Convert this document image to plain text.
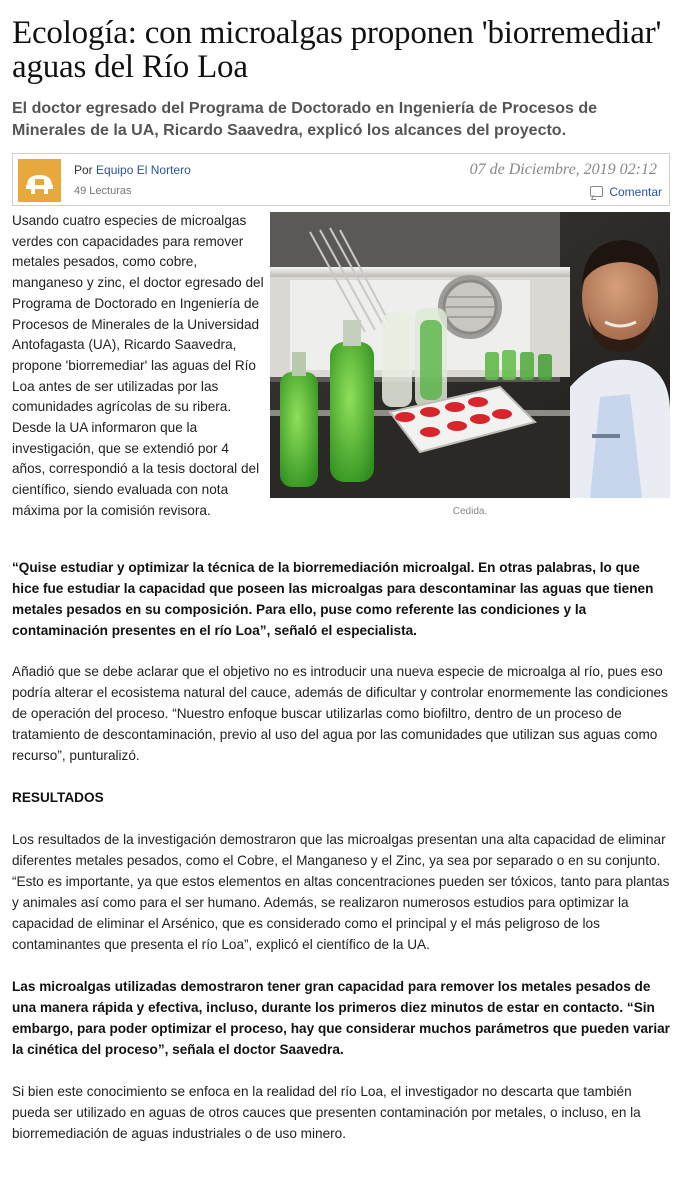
Ecología: con microalgas proponen 'biorremediar' aguas del Río Loa

El doctor egresado del Programa de Doctorado en Ingeniería de Procesos de Minerales de la UA, Ricardo Saavedra, explicó los alcances del proyecto.

Por Equipo El Nortero
49 Lecturas
07 de Diciembre, 2019 02:12
Comentar
Usando cuatro especies de microalgas verdes con capacidades para remover metales pesados, como cobre, manganeso y zinc, el doctor egresado del Programa de Doctorado en Ingeniería de Procesos de Minerales de la Universidad Antofagasta (UA), Ricardo Saavedra, propone 'biorremediar' las aguas del Río Loa antes de ser utilizadas por las comunidades agrícolas de su ribera. Desde la UA informaron que la investigación, que se extendió por 4 años, correspondió a la tesis doctoral del científico, siendo evaluada con nota máxima por la comisión revisora.	Cedida.

“Quise estudiar y optimizar la técnica de la biorremediación microalgal. En otras palabras, lo que hice fue estudiar la capacidad que poseen las microalgas para descontaminar las aguas que tienen metales pesados en su composición. Para ello, puse como referente las condiciones y la contaminación presentes en el río Loa”, señaló el especialista.

Añadió que se debe aclarar que el objetivo no es introducir una nueva especie de microalga al río, pues eso podría alterar el ecosistema natural del cauce, además de dificultar y controlar enormemente las condiciones de operación del proceso. “Nuestro enfoque buscar utilizarlas como biofiltro, dentro de un proceso de tratamiento de descontaminación, previo al uso del agua por las comunidades que utilizan sus aguas como recurso”, punturalizó.

RESULTADOS

Los resultados de la investigación demostraron que las microalgas presentan una alta capacidad de eliminar diferentes metales pesados, como el Cobre, el Manganeso y el Zinc, ya sea por separado o en su conjunto. “Esto es importante, ya que estos elementos en altas concentraciones pueden ser tóxicos, tanto para plantas y animales así como para el ser humano. Además, se realizaron numerosos estudios para optimizar la capacidad de eliminar el Arsénico, que es considerado como el principal y el más peligroso de los contaminantes que presenta el río Loa”, explicó el científico de la UA.

Las microalgas utilizadas demostraron tener gran capacidad para remover los metales pesados de una manera rápida y efectiva, incluso, durante los primeros diez minutos de estar en contacto. “Sin embargo, para poder optimizar el proceso, hay que considerar muchos parámetros que pueden variar la cinética del proceso”, señala el doctor Saavedra.

Si bien este conocimiento se enfoca en la realidad del río Loa, el investigador no descarta que también pueda ser utilizado en aguas de otros cauces que presenten contaminación por metales, o incluso, en la biorremediación de aguas industriales o de uso minero.
